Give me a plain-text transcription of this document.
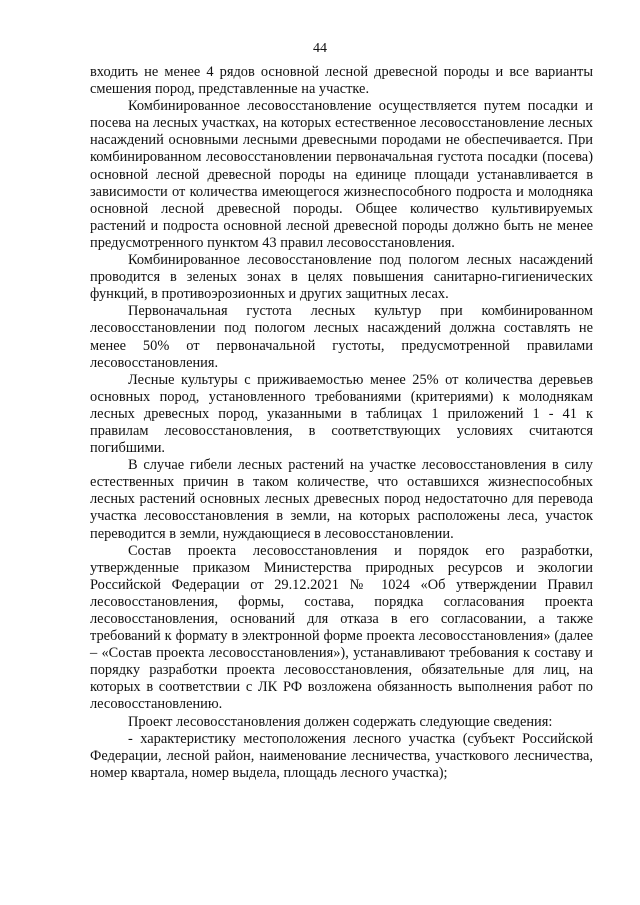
44

входить не менее 4 рядов основной лесной древесной породы и все варианты смешения пород, представленные на участке.

Комбинированное лесовосстановление осуществляется путем посадки и посева на лесных участках, на которых естественное лесовосстановление лесных насаждений основными лесными древесными породами не обеспечивается. При комбинированном лесовосстановлении первоначальная густота посадки (посева) основной лесной древесной породы на единице площади устанавливается в зависимости от количества имеющегося жизнеспособного подроста и молодняка основной лесной древесной породы. Общее количество культивируемых растений и подроста основной лесной древесной породы должно быть не менее предусмотренного пунктом 43 правил лесовосстановления.

Комбинированное лесовосстановление под пологом лесных насаждений проводится в зеленых зонах в целях повышения санитарно-гигиенических функций, в противоэрозионных и других защитных лесах.

Первоначальная густота лесных культур при комбинированном лесовосстановлении под пологом лесных насаждений должна составлять не менее 50% от первоначальной густоты, предусмотренной правилами лесовосстановления.

Лесные культуры с приживаемостью менее 25% от количества деревьев основных пород, установленного требованиями (критериями) к молоднякам лесных древесных пород, указанными в таблицах 1 приложений 1 - 41 к правилам лесовосстановления, в соответствующих условиях считаются погибшими.

В случае гибели лесных растений на участке лесовосстановления в силу естественных причин в таком количестве, что оставшихся жизнеспособных лесных растений основных лесных древесных пород недостаточно для перевода участка лесовосстановления в земли, на которых расположены леса, участок переводится в земли, нуждающиеся в лесовосстановлении.

Состав проекта лесовосстановления и порядок его разработки, утвержденные приказом Министерства природных ресурсов и экологии Российской Федерации от 29.12.2021 № 1024 «Об утверждении Правил лесовосстановления, формы, состава, порядка согласования проекта лесовосстановления, оснований для отказа в его согласовании, а также требований к формату в электронной форме проекта лесовосстановления» (далее – «Состав проекта лесовосстановления»), устанавливают требования к составу и порядку разработки проекта лесовосстановления, обязательные для лиц, на которых в соответствии с ЛК РФ возложена обязанность выполнения работ по лесовосстановлению.

Проект лесовосстановления должен содержать следующие сведения:

- характеристику местоположения лесного участка (субъект Российской Федерации, лесной район, наименование лесничества, участкового лесничества, номер квартала, номер выдела, площадь лесного участка);
